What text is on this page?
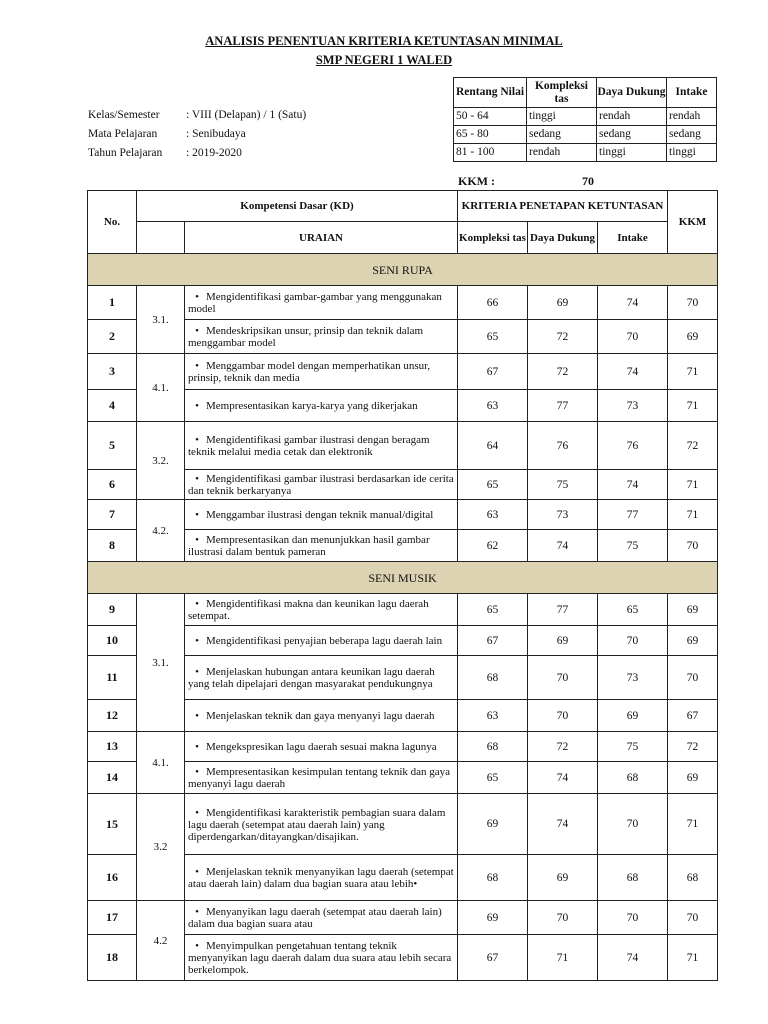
ANALISIS PENENTUAN KRITERIA KETUNTASAN MINIMAL
SMP NEGERI 1 WALED
Rentang Nilai	Kompleksi tas	Daya Dukung	Intake
50 - 64	tinggi	rendah	rendah
65 - 80	sedang	sedang	sedang
81 - 100	rendah	tinggi	tinggi
Kelas/Semester : VIII (Delapan) / 1 (Satu)
Mata Pelajaran : Senibudaya
Tahun Pelajaran : 2019-2020
KKM :	70
No.	Kompetensi Dasar (KD)		KRITERIA PENETAPAN KETUNTASAN			KKM
		URAIAN	Kompleksi tas	Daya Dukung	Intake	
SENI RUPA						
1	3.1.	• Mengidentifikasi gambar-gambar yang menggunakan model	66	69	74	70
2		• Mendeskripsikan unsur, prinsip dan teknik dalam menggambar model	65	72	70	69
3	4.1.	• Menggambar model dengan memperhatikan unsur, prinsip, teknik dan media	67	72	74	71
4		• Mempresentasikan karya-karya yang dikerjakan	63	77	73	71
5	3.2.	• Mengidentifikasi gambar ilustrasi dengan beragam teknik melalui media cetak dan elektronik	64	76	76	72
6		• Mengidentifikasi gambar ilustrasi berdasarkan ide cerita dan teknik berkaryanya	65	75	74	71
7	4.2.	• Menggambar ilustrasi dengan teknik manual/digital	63	73	77	71
8		• Mempresentasikan dan menunjukkan hasil gambar ilustrasi dalam bentuk pameran	62	74	75	70
SENI MUSIK						
9	3.1.	• Mengidentifikasi makna dan keunikan lagu daerah setempat.	65	77	65	69
10		• Mengidentifikasi penyajian beberapa lagu daerah lain	67	69	70	69
11		• Menjelaskan hubungan antara keunikan lagu daerah yang telah dipelajari dengan masyarakat pendukungnya	68	70	73	70
12		• Menjelaskan teknik dan gaya menyanyi lagu daerah	63	70	69	67
13	4.1.	• Mengekspresikan lagu daerah sesuai makna lagunya	68	72	75	72
14		• Mempresentasikan kesimpulan tentang teknik dan gaya menyanyi lagu daerah	65	74	68	69
15	3.2	• Mengidentifikasi karakteristik pembagian suara dalam lagu daerah (setempat atau daerah lain) yang diperdengarkan/ditayangkan/disajikan.	69	74	70	71
16		• Menjelaskan teknik menyanyikan lagu daerah (setempat atau daerah lain) dalam dua bagian suara atau lebih•	68	69	68	68
17	4.2	• Menyanyikan lagu daerah (setempat atau daerah lain) dalam dua bagian suara atau	69	70	70	70
18		• Menyimpulkan pengetahuan tentang teknik menyanyikan lagu daerah dalam dua suara atau lebih secara berkelompok.	67	71	74	71
